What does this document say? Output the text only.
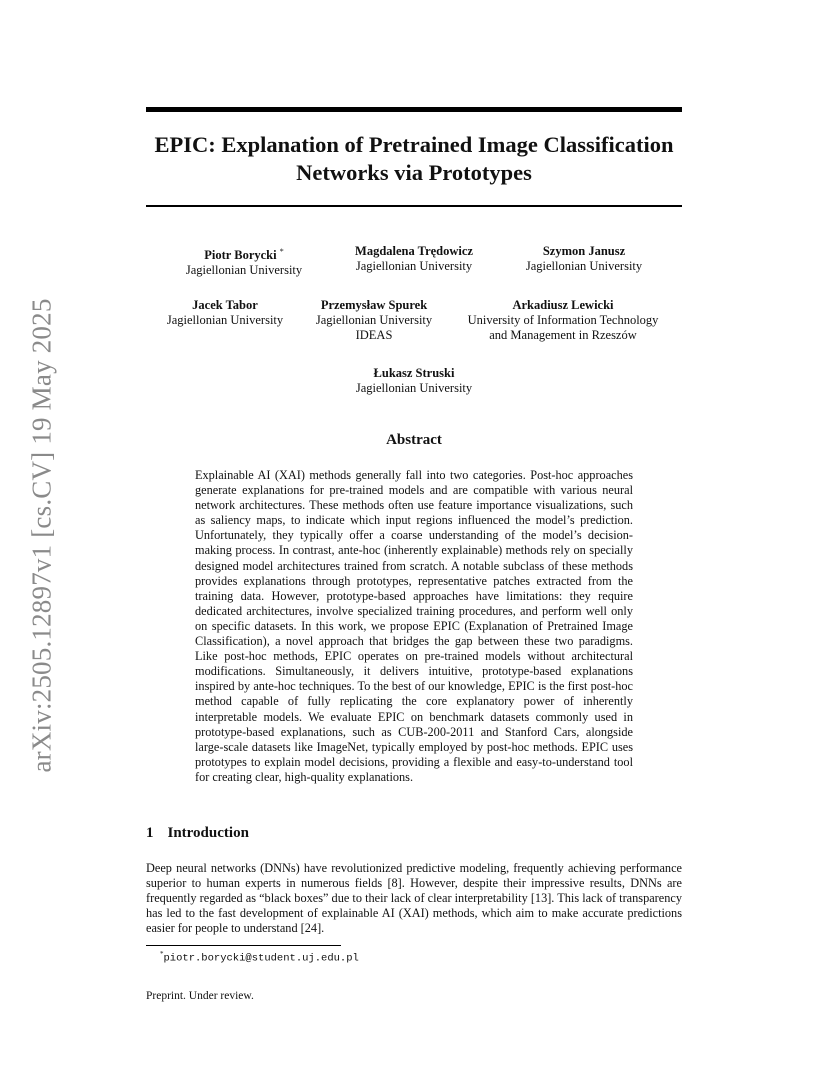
arXiv:2505.12897v1 [cs.CV] 19 May 2025
EPIC: Explanation of Pretrained Image Classification Networks via Prototypes
Piotr Borycki *
Jagiellonian University
Magdalena Trędowicz
Jagiellonian University
Szymon Janusz
Jagiellonian University
Jacek Tabor
Jagiellonian University
Przemysław Spurek
Jagiellonian University
IDEAS
Arkadiusz Lewicki
University of Information Technology
and Management in Rzeszów
Łukasz Struski
Jagiellonian University
Abstract

Explainable AI (XAI) methods generally fall into two categories. Post-hoc approaches generate explanations for pre-trained models and are compatible with various neural network architectures. These methods often use feature importance visualizations, such as saliency maps, to indicate which input regions influenced the model’s prediction. Unfortunately, they typically offer a coarse understanding of the model’s decision-making process. In contrast, ante-hoc (inherently explainable) methods rely on specially designed model architectures trained from scratch. A notable subclass of these methods provides explanations through prototypes, representative patches extracted from the training data. However, prototype-based approaches have limitations: they require dedicated architectures, involve specialized training procedures, and perform well only on specific datasets. In this work, we propose EPIC (Explanation of Pretrained Image Classification), a novel approach that bridges the gap between these two paradigms. Like post-hoc methods, EPIC operates on pre-trained models without architectural modifications. Simultaneously, it delivers intuitive, prototype-based explanations inspired by ante-hoc techniques. To the best of our knowledge, EPIC is the first post-hoc method capable of fully replicating the core explanatory power of inherently interpretable models. We evaluate EPIC on benchmark datasets commonly used in prototype-based explanations, such as CUB-200-2011 and Stanford Cars, alongside large-scale datasets like ImageNet, typically employed by post-hoc methods. EPIC uses prototypes to explain model decisions, providing a flexible and easy-to-understand tool for creating clear, high-quality explanations.

1 Introduction

Deep neural networks (DNNs) have revolutionized predictive modeling, frequently achieving performance superior to human experts in numerous fields [8]. However, despite their impressive results, DNNs are frequently regarded as “black boxes” due to their lack of clear interpretability [13]. This lack of transparency has led to the fast development of explainable AI (XAI) methods, which aim to make accurate predictions easier for people to understand [24].

*piotr.borycki@student.uj.edu.pl
Preprint. Under review.
